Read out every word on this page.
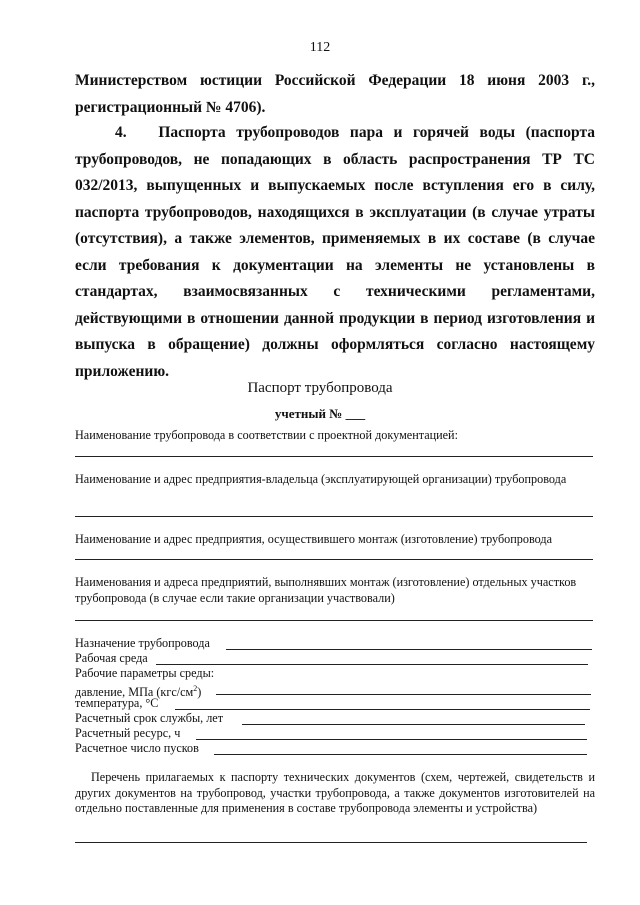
112

Министерством юстиции Российской Федерации 18 июня 2003 г.,

регистрационный № 4706).

4.   Паспорта трубопроводов пара и горячей воды (паспорта трубопроводов, не попадающих в область распространения ТР ТС 032/2013, выпущенных и выпускаемых после вступления его в силу, паспорта трубопроводов, находящихся в эксплуатации (в случае утраты (отсутствия), а также элементов, применяемых в их составе (в случае если требования к документации на элементы не установлены в стандартах, взаимосвязанных с техническими регламентами, действующими в отношении данной продукции в период изготовления и выпуска в обращение) должны оформляться согласно настоящему приложению.

Паспорт трубопровода
учетный № ___
Наименование трубопровода в соответствии с проектной документацией:
Наименование и адрес предприятия-владельца (эксплуатирующей организации) трубопровода
Наименование и адрес предприятия, осуществившего монтаж (изготовление) трубопровода
Наименования и адреса предприятий, выполнявших монтаж (изготовление) отдельных участков трубопровода (в случае если такие организации участвовали)
Назначение трубопровода
Рабочая среда
Рабочие параметры среды:
давление, МПа $(кгс/см^2)$
температура, °С
Расчетный срок службы, лет
Расчетный ресурс, ч
Расчетное число пусков
Перечень прилагаемых к паспорту технических документов (схем, чертежей, свидетельств и других документов на трубопровод, участки трубопровода, а также документов изготовителей на отдельно поставленные для применения в составе трубопровода элементы и устройства)
